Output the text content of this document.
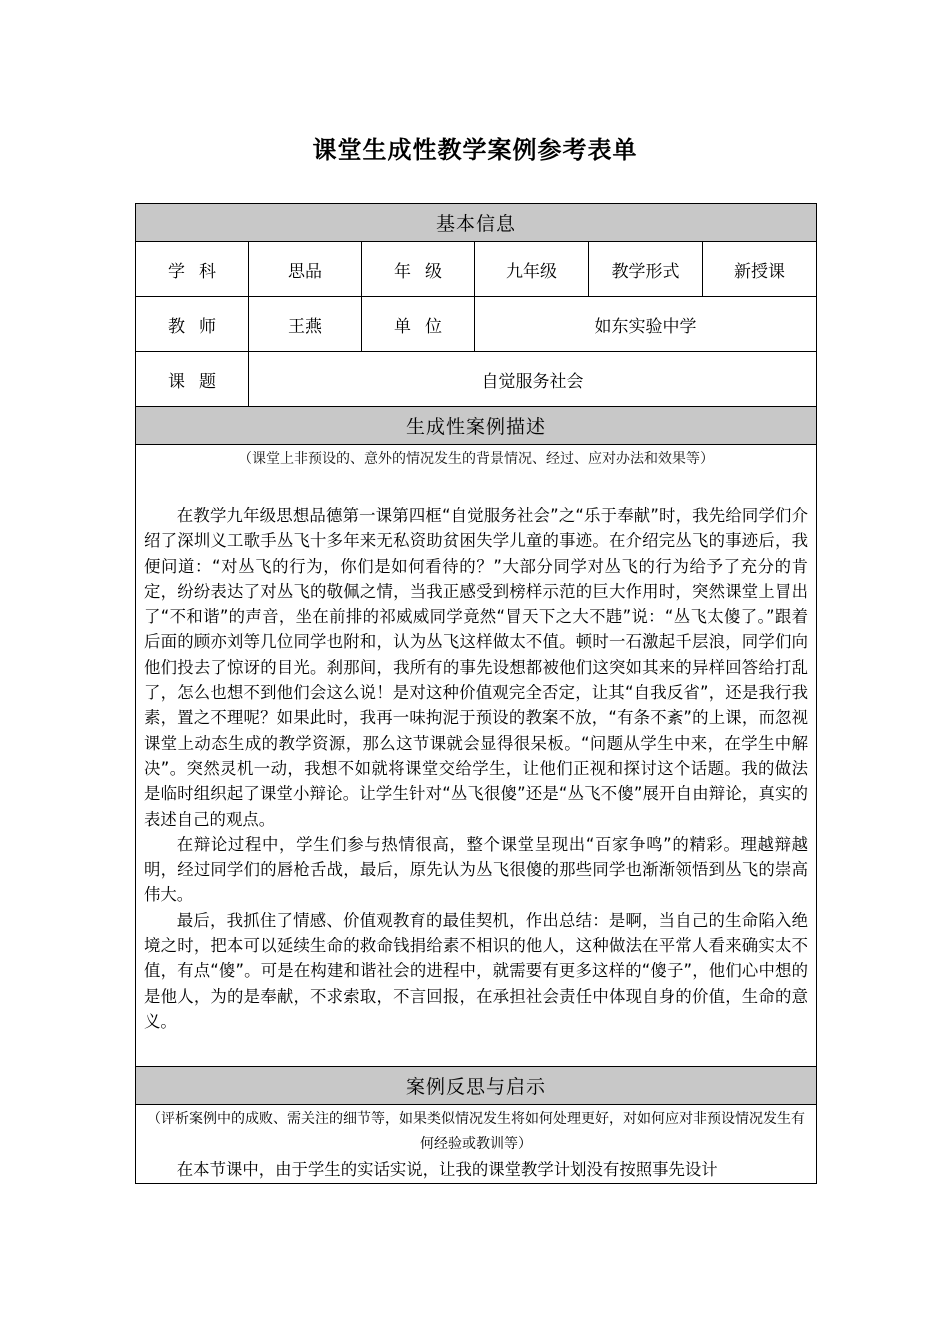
课堂生成性教学案例参考表单
基本信息					
学科	思品	年级	九年级	教学形式	新授课
教师	王燕	单位	如东实验中学		
课题	自觉服务社会				
生成性案例描述					

（课堂上非预设的、意外的情况发生的背景情况、经过、应对办法和效果等）

在教学九年级思想品德第一课第四框“自觉服务社会”之“乐于奉献”时，我先给同学们介绍了深圳义工歌手丛飞十多年来无私资助贫困失学儿童的事迹。在介绍完丛飞的事迹后，我便问道：“对丛飞的行为，你们是如何看待的？”大部分同学对丛飞的行为给予了充分的肯定，纷纷表达了对丛飞的敬佩之情，当我正感受到榜样示范的巨大作用时，突然课堂上冒出了“不和谐”的声音，坐在前排的祁威威同学竟然“冒天下之大不韪”说：“丛飞太傻了。”跟着后面的顾亦刘等几位同学也附和，认为丛飞这样做太不值。顿时一石激起千层浪，同学们向他们投去了惊讶的目光。刹那间，我所有的事先设想都被他们这突如其来的异样回答给打乱了，怎么也想不到他们会这么说！是对这种价值观完全否定，让其“自我反省”，还是我行我素，置之不理呢？如果此时，我再一味拘泥于预设的教案不放，“有条不紊”的上课，而忽视课堂上动态生成的教学资源，那么这节课就会显得很呆板。“问题从学生中来，在学生中解决”。突然灵机一动，我想不如就将课堂交给学生，让他们正视和探讨这个话题。我的做法是临时组织起了课堂小辩论。让学生针对“丛飞很傻”还是“丛飞不傻”展开自由辩论，真实的表述自己的观点。

在辩论过程中，学生们参与热情很高，整个课堂呈现出“百家争鸣”的精彩。理越辩越明，经过同学们的唇枪舌战，最后，原先认为丛飞很傻的那些同学也渐渐领悟到丛飞的崇高伟大。

最后，我抓住了情感、价值观教育的最佳契机，作出总结：是啊，当自己的生命陷入绝境之时，把本可以延续生命的救命钱捐给素不相识的他人，这种做法在平常人看来确实太不值，有点“傻”。可是在构建和谐社会的进程中，就需要有更多这样的“傻子”，他们心中想的是他人，为的是奉献，不求索取，不言回报，在承担社会责任中体现自身的价值，生命的意义。					

案例反思与启示					

（评析案例中的成败、需关注的细节等，如果类似情况发生将如何处理更好，对如何应对非预设情况发生有何经验或教训等）

在本节课中，由于学生的实话实说，让我的课堂教学计划没有按照事先设计					
